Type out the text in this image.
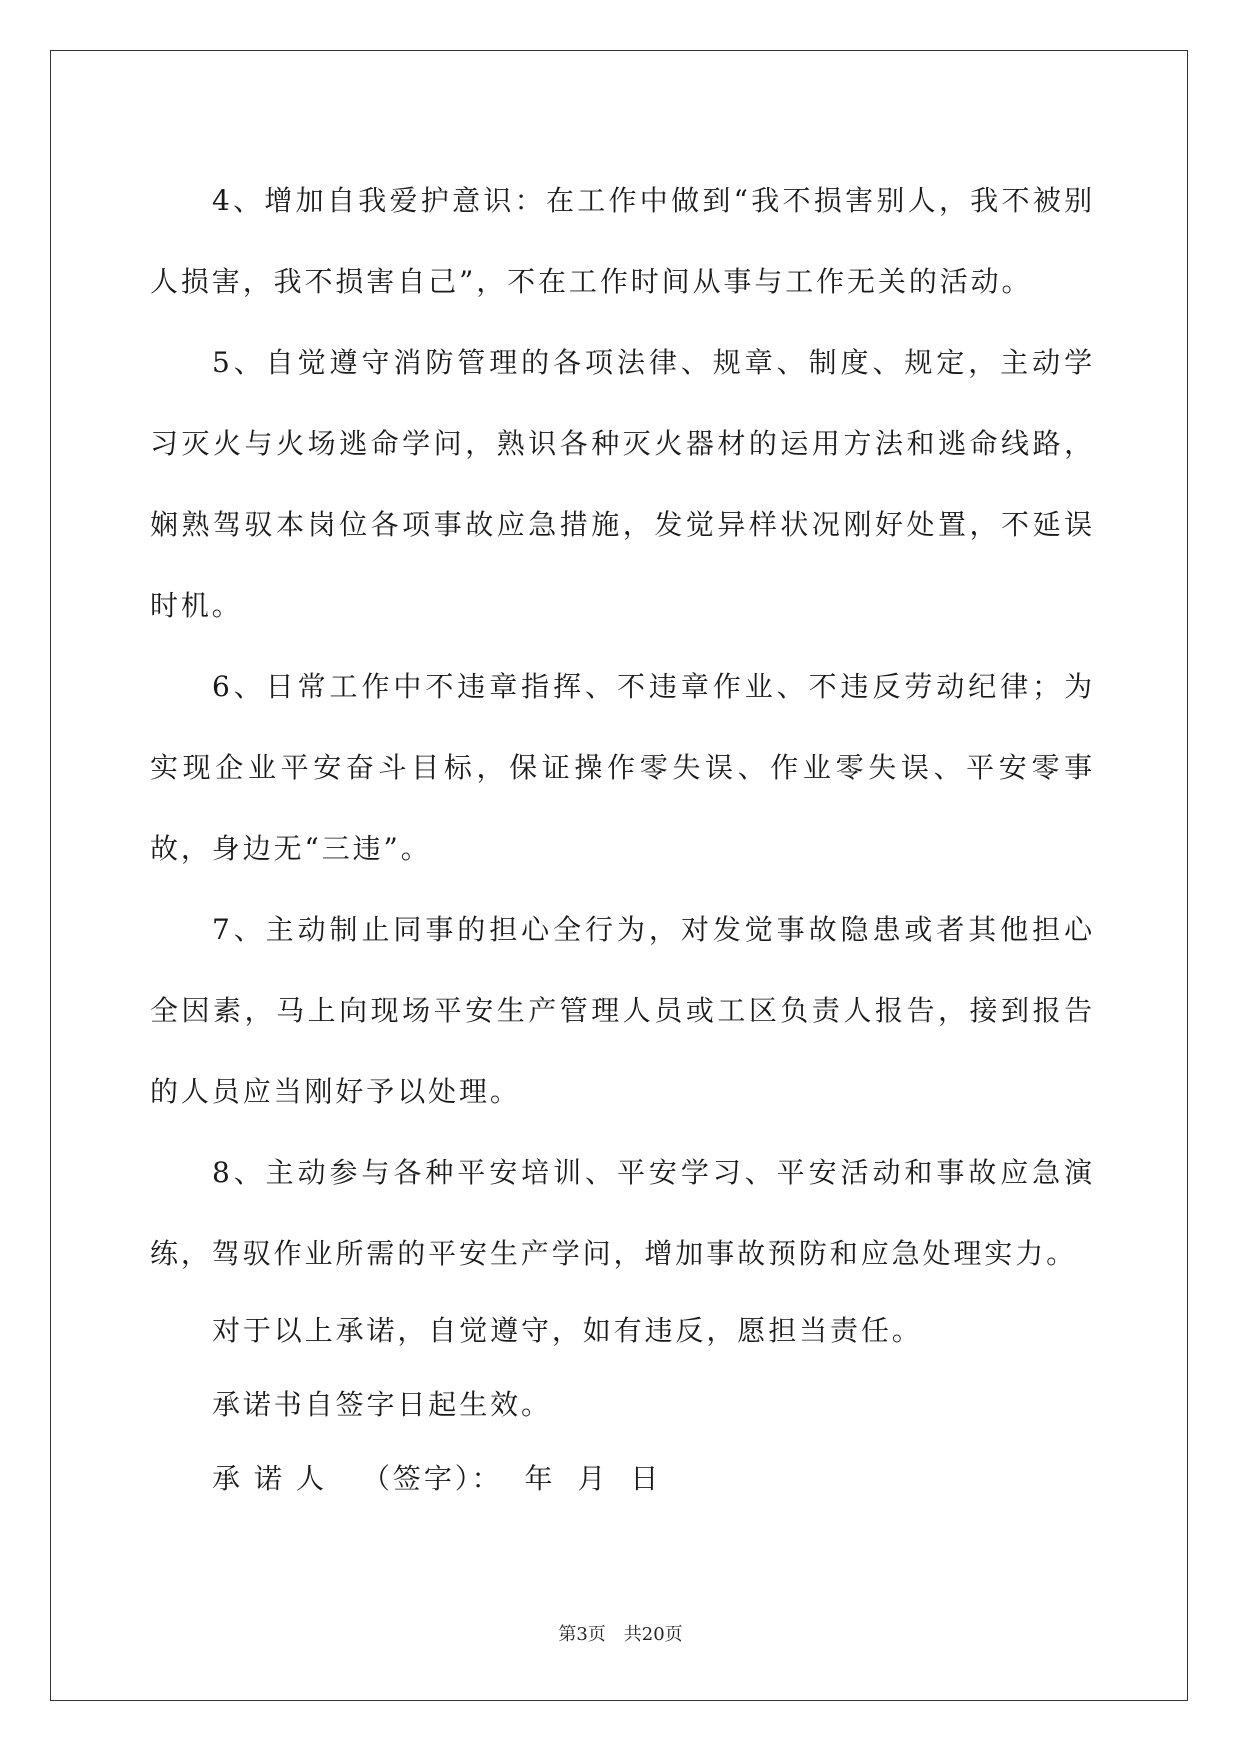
4、增加自我爱护意识：在工作中做到“我不损害别人，我不被别人损害，我不损害自己”，不在工作时间从事与工作无关的活动。

5、自觉遵守消防管理的各项法律、规章、制度、规定，主动学习灭火与火场逃命学问，熟识各种灭火器材的运用方法和逃命线路，娴熟驾驭本岗位各项事故应急措施，发觉异样状况刚好处置，不延误时机。

6、日常工作中不违章指挥、不违章作业、不违反劳动纪律；为实现企业平安奋斗目标，保证操作零失误、作业零失误、平安零事故，身边无“三违”。

7、主动制止同事的担心全行为，对发觉事故隐患或者其他担心全因素，马上向现场平安生产管理人员或工区负责人报告，接到报告的人员应当刚好予以处理。

8、主动参与各种平安培训、平安学习、平安活动和事故应急演练，驾驭作业所需的平安生产学问，增加事故预防和应急处理实力。

对于以上承诺，自觉遵守，如有违反，愿担当责任。

承诺书自签字日起生效。

承诺人 （签字）： 年 月 日
第3页 共20页
